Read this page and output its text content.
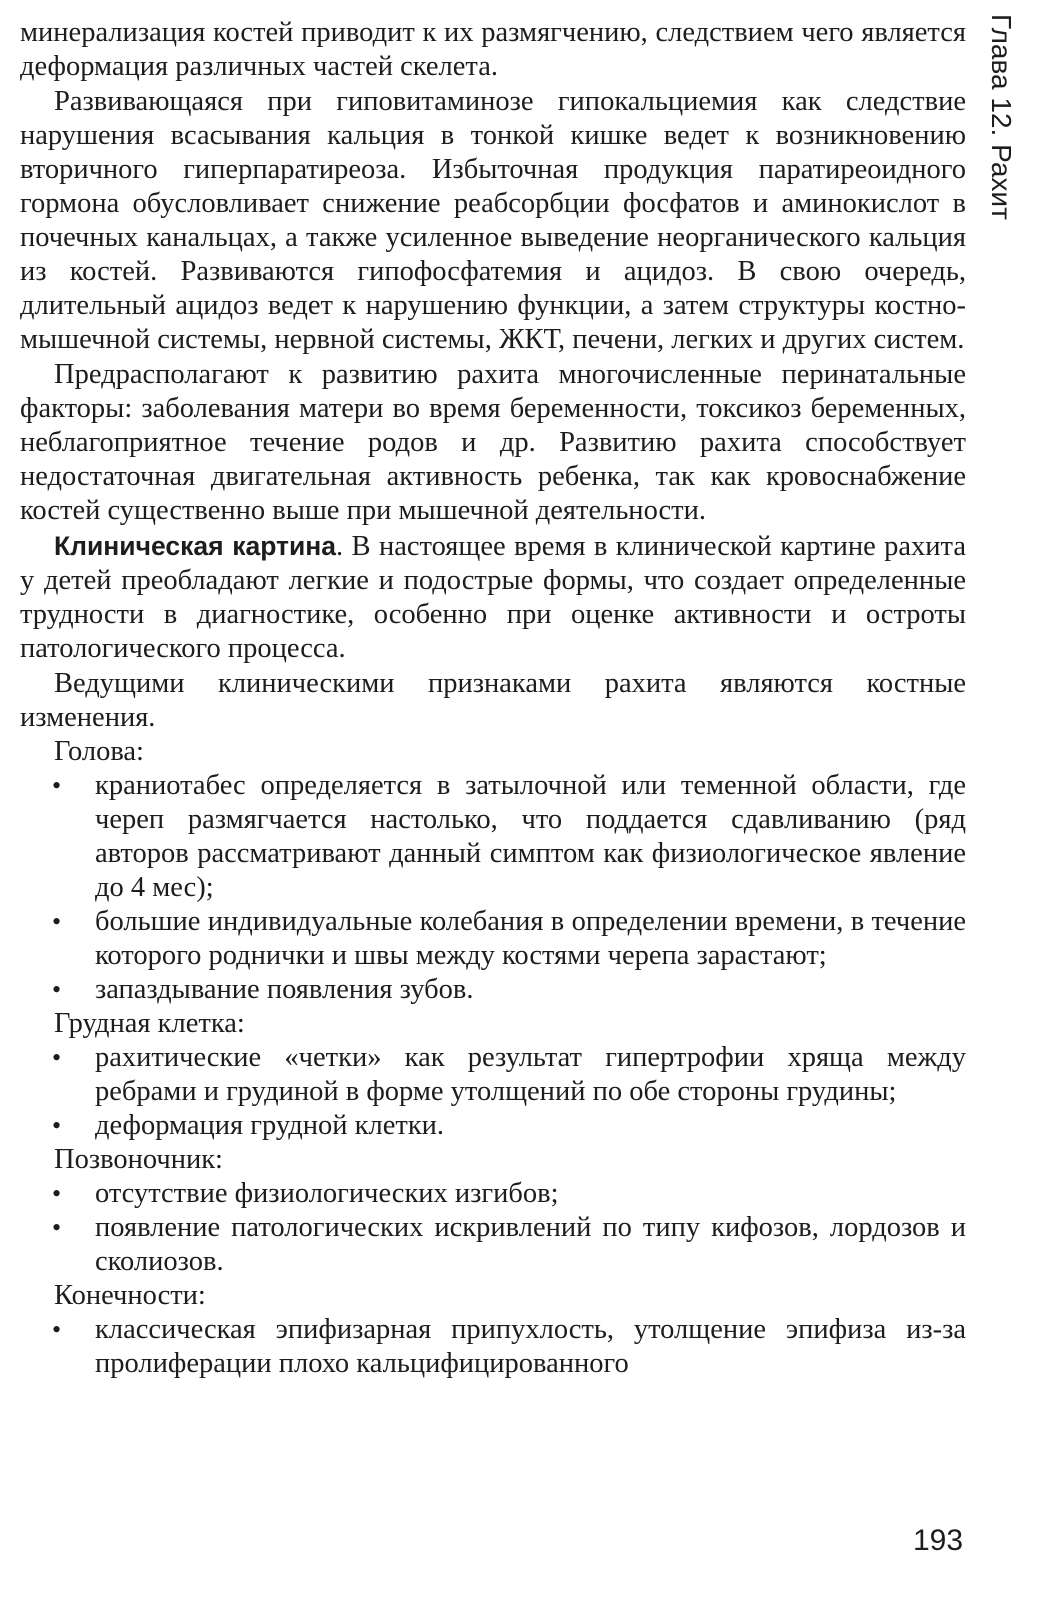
Глава 12. Рахит

минерализация костей приводит к их размягчению, следствием чего является деформация различных частей скелета.

Развивающаяся при гиповитаминозе гипокальциемия как следствие нарушения всасывания кальция в тонкой кишке ведет к возникновению вторичного гиперпаратиреоза. Избыточная продукция паратиреоидного гормона обусловливает снижение реабсорбции фосфатов и аминокислот в почечных канальцах, а также усиленное выведение неорганического кальция из костей. Развиваются гипофосфатемия и ацидоз. В свою очередь, длительный ацидоз ведет к нарушению функции, а затем структуры костно-мышечной системы, нервной системы, ЖКТ, печени, легких и других систем.

Предрасполагают к развитию рахита многочисленные перинатальные факторы: заболевания матери во время беременности, токсикоз беременных, неблагоприятное течение родов и др. Развитию рахита способствует недостаточная двигательная активность ребенка, так как кровоснабжение костей существенно выше при мышечной деятельности.

Клиническая картина. В настоящее время в клинической картине рахита у детей преобладают легкие и подострые формы, что создает определенные трудности в диагностике, особенно при оценке активности и остроты патологического процесса.

Ведущими клиническими признаками рахита являются костные изменения.

Голова:

• краниотабес определяется в затылочной или теменной области, где череп размягчается настолько, что поддается сдавливанию (ряд авторов рассматривают данный симптом как физиологическое явление до 4 мес);
• большие индивидуальные колебания в определении времени, в течение которого роднички и швы между костями черепа зарастают;
• запаздывание появления зубов.

Грудная клетка:

• рахитические «четки» как результат гипертрофии хряща между ребрами и грудиной в форме утолщений по обе стороны грудины;
• деформация грудной клетки.

Позвоночник:

• отсутствие физиологических изгибов;
• появление патологических искривлений по типу кифозов, лордозов и сколиозов.

Конечности:

• классическая эпифизарная припухлость, утолщение эпифиза из-за пролиферации плохо кальцифицированного
193
